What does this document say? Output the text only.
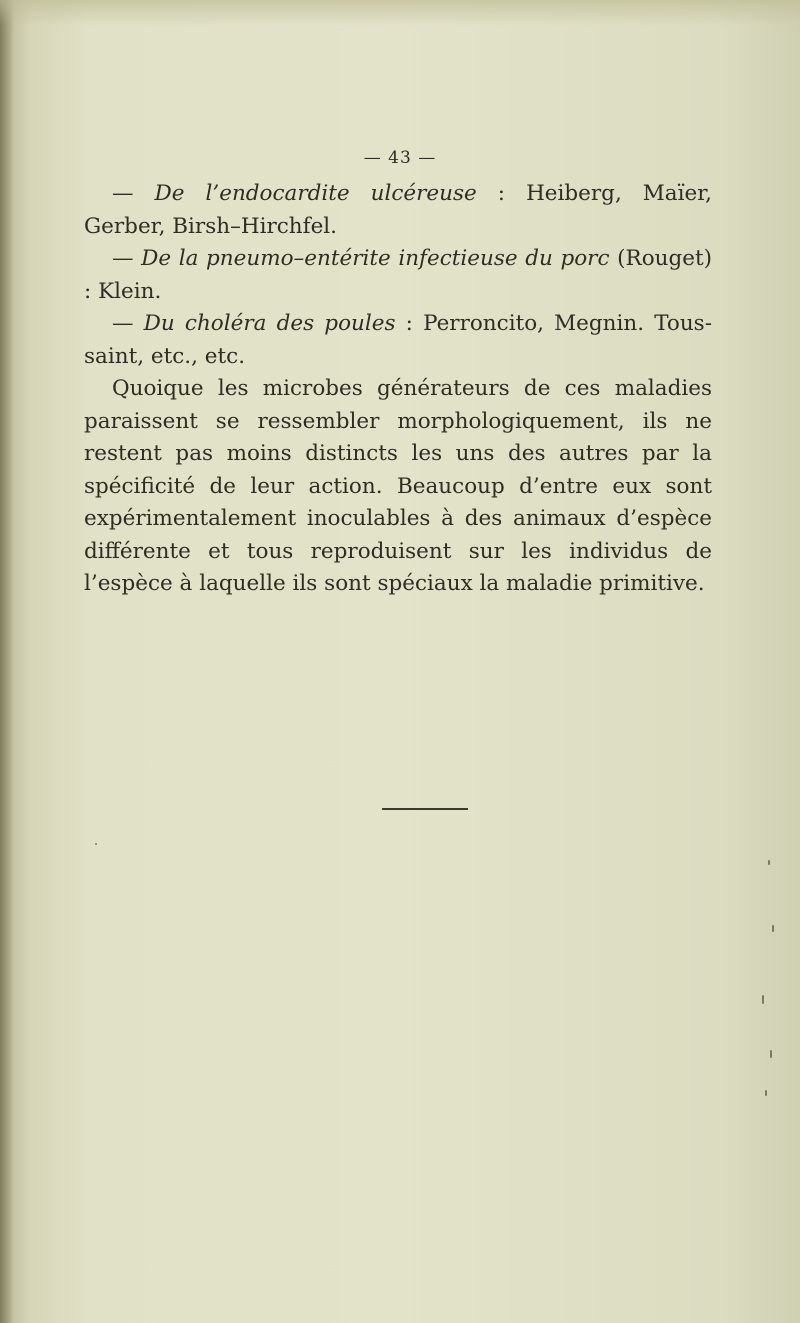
— 43 —

— De l’endocardite ulcéreuse : Heiberg, Maïer, Gerber, Birsh–Hirchfel.

— De la pneumo–entérite infectieuse du porc (Rouget) : Klein.

— Du choléra des poules : Perroncito, Megnin. Tous-saint, etc., etc.

Quoique les microbes générateurs de ces maladies paraissent se ressembler morphologiquement, ils ne restent pas moins distincts les uns des autres par la spécificité de leur action. Beaucoup d’entre eux sont expérimentalement inoculables à des animaux d’espèce différente et tous reproduisent sur les individus de l’espèce à laquelle ils sont spéciaux la maladie primitive.
